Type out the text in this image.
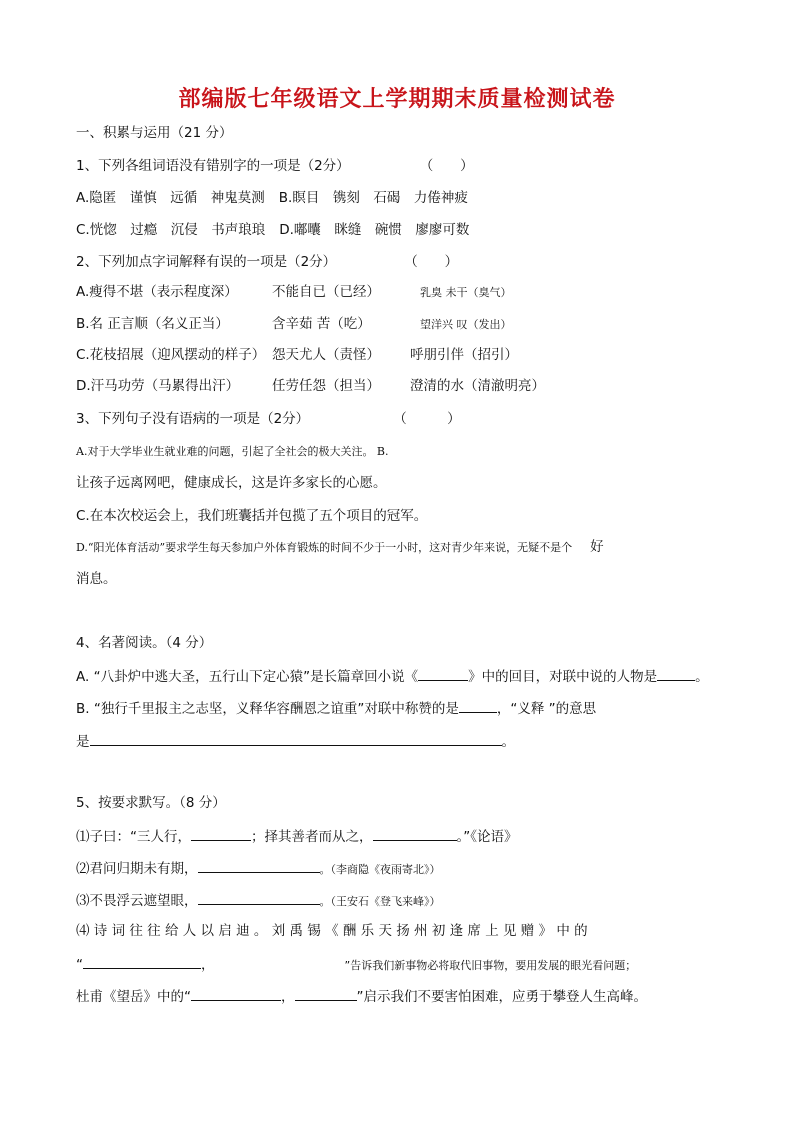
部编版七年级语文上学期期末质量检测试卷
一、积累与运用（21 分）
1、下列各组词语没有错别字的一项是（2分）	（　　）
A.隐匿　谨慎　远循　神鬼莫测 B.瞑目　镌刻　石碣　力倦神疲
C.恍惚　过瘾　沉侵　书声琅琅 D.嘟囔　眯缝　碗惯　廖廖可数
2、下列加点字词解释有误的一项是（2分）	（　　）
A.瘦得不堪（表示程度深）	不能自已（已经）	乳臭 未干（臭气）
B.名 正言顺（名义正当）	含辛茹 苦（吃）	望洋兴 叹（发出）
C.花枝招展（迎风摆动的样子） 怨天尤人（责怪） 呼朋引伴（招引）
D.汗马功劳（马累得出汗） 任劳任怨（担当） 澄清的水（清澈明亮）
3、下列句子没有语病的一项是（2分）	（　　　）
A.对于大学毕业生就业难的问题，引起了全社会的极大关注。 B.
让孩子远离网吧，健康成长，这是许多家长的心愿。
C.在本次校运会上，我们班囊括并包揽了五个项目的冠军。
D.“阳光体育活动”要求学生每天参加户外体育锻炼的时间不少于一小时，这对青少年来说，无疑不是个 好
消息。
4、名著阅读。（4 分）
A. “八卦炉中逃大圣，五行山下定心猿”是长篇章回小说《	》中的回目，对联中说的人物是	。
B. “独行千里报主之志坚，义释华容酬恩之谊重”对联中称赞的是	，“义释 ”的意思
是	。
5、按要求默写。（8 分）
⑴子曰：“三人行，	；择其善者而从之，	。”《论语》
⑵君问归期未有期，	。（李商隐《夜雨寄北》）
⑶不畏浮云遮望眼，	。（王安石《登飞来峰》）
⑷ 诗 词 往 往 给 人 以 启 迪 。 刘 禹 锡 《 酬 乐 天 扬 州 初 逢 席 上 见 赠 》 中 的
“	，	”告诉我们新事物必将取代旧事物，要用发展的眼光看问题；
杜甫《望岳》中的“	，	”启示我们不要害怕困难，应勇于攀登人生高峰。
